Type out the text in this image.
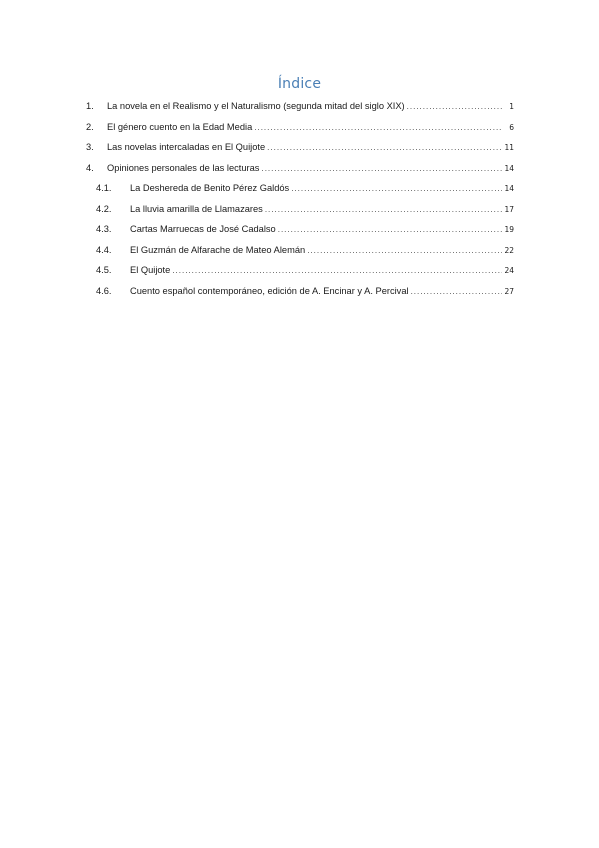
Índice
1.	La novela en el Realismo y el Naturalismo (segunda mitad del siglo XIX) .....	1
2.	El género cuento en la Edad Media .....	6
3.	Las novelas intercaladas en El Quijote .....	11
4.	Opiniones personales de las lecturas .....	14
4.1.	La Deshereda de Benito Pérez Galdós .....	14
4.2.	La lluvia amarilla de Llamazares .....	17
4.3.	Cartas Marruecas de José Cadalso .....	19
4.4.	El Guzmán de Alfarache de Mateo Alemán .....	22
4.5.	El Quijote .....	24
4.6.	Cuento español contemporáneo, edición de A. Encinar y A. Percival .....	27
